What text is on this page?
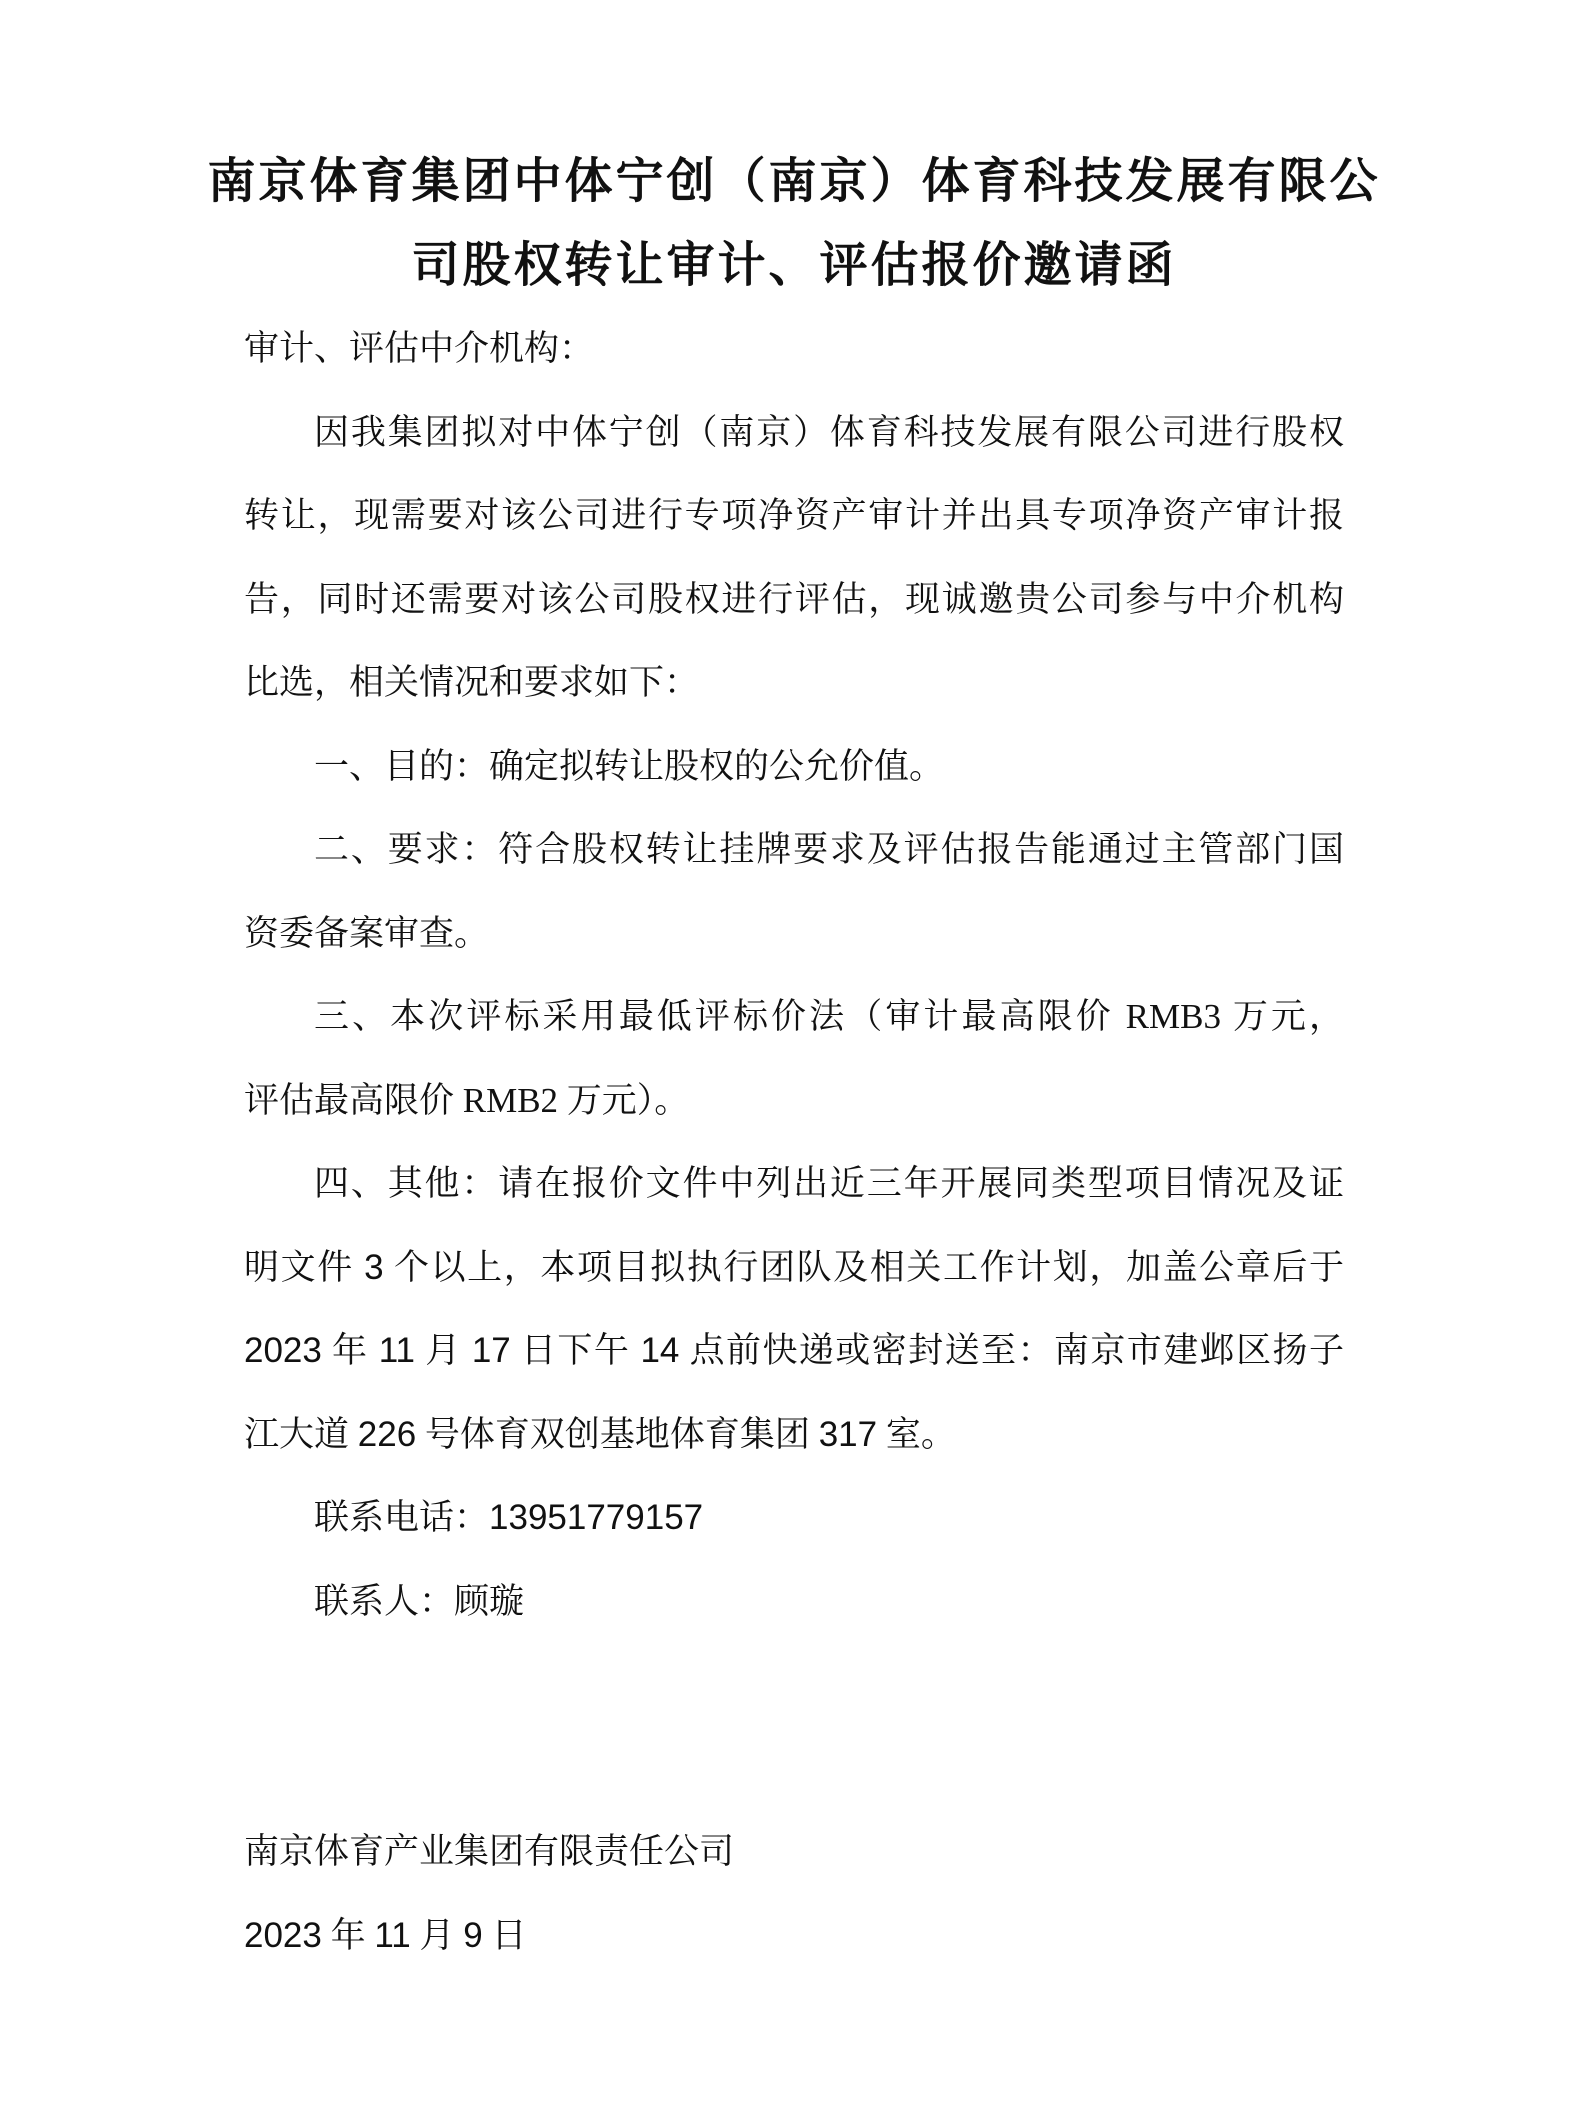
南京体育集团中体宁创（南京）体育科技发展有限公
司股权转让审计、评估报价邀请函

审计、评估中介机构：

因我集团拟对中体宁创（南京）体育科技发展有限公司进行股权

转让，现需要对该公司进行专项净资产审计并出具专项净资产审计报

告，同时还需要对该公司股权进行评估，现诚邀贵公司参与中介机构

比选，相关情况和要求如下：

一、目的：确定拟转让股权的公允价值。

二、要求：符合股权转让挂牌要求及评估报告能通过主管部门国

资委备案审查。

三、本次评标采用最低评标价法（审计最高限价 RMB3 万元，

评估最高限价 RMB2 万元）。

四、其他：请在报价文件中列出近三年开展同类型项目情况及证

明文件 3 个以上，本项目拟执行团队及相关工作计划，加盖公章后于

2023 年 11 月 17 日下午 14 点前快递或密封送至：南京市建邺区扬子

江大道 226 号体育双创基地体育集团 317 室。

联系电话：13951779157

联系人：顾璇

南京体育产业集团有限责任公司

2023 年 11 月 9 日
